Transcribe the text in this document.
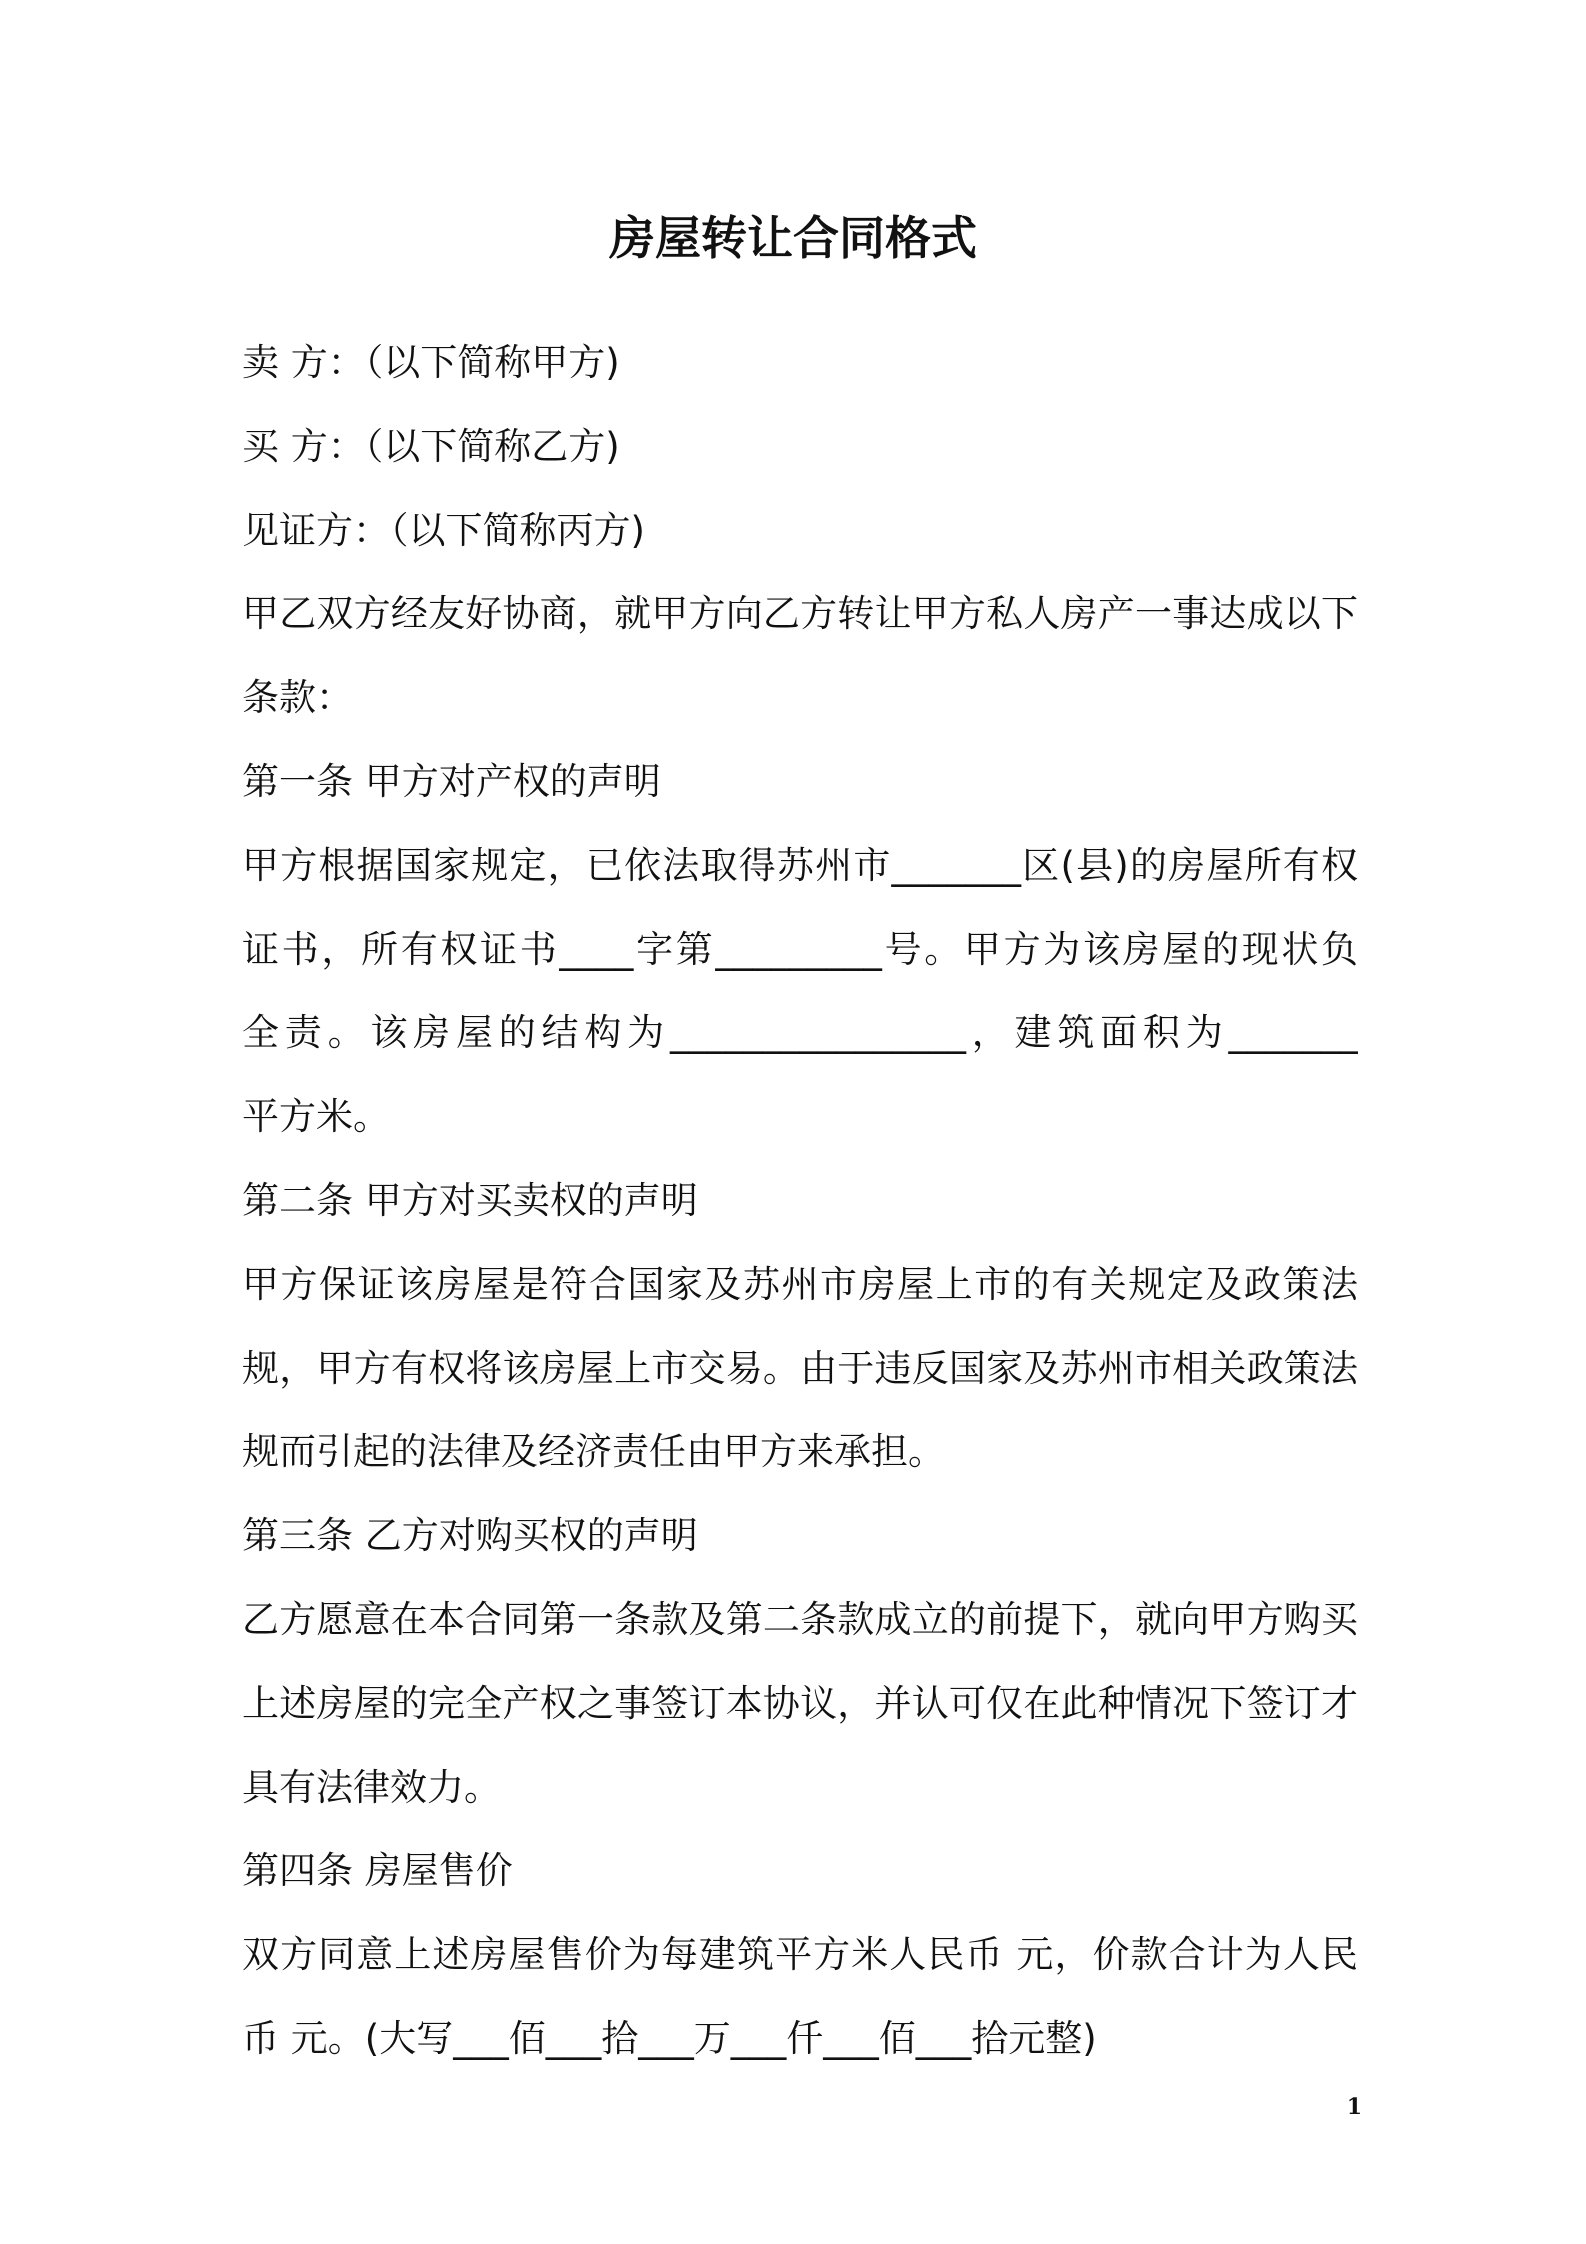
房屋转让合同格式
卖 方：（以下简称甲方)
买 方：（以下简称乙方)
见证方：（以下简称丙方)
甲乙双方经友好协商，就甲方向乙方转让甲方私人房产一事达成以下
条款：
第一条 甲方对产权的声明
甲方根据国家规定，已依法取得苏州市_______区(县)的房屋所有权
证书，所有权证书____字第_________号。甲方为该房屋的现状负
全责。该房屋的结构为________________，建筑面积为_______
平方米。
第二条 甲方对买卖权的声明
甲方保证该房屋是符合国家及苏州市房屋上市的有关规定及政策法
规，甲方有权将该房屋上市交易。由于违反国家及苏州市相关政策法
规而引起的法律及经济责任由甲方来承担。
第三条 乙方对购买权的声明
乙方愿意在本合同第一条款及第二条款成立的前提下，就向甲方购买
上述房屋的完全产权之事签订本协议，并认可仅在此种情况下签订才
具有法律效力。
第四条 房屋售价
双方同意上述房屋售价为每建筑平方米人民币 元，价款合计为人民
币 元。(大写___佰___拾___万___仟___佰___拾元整)
1
